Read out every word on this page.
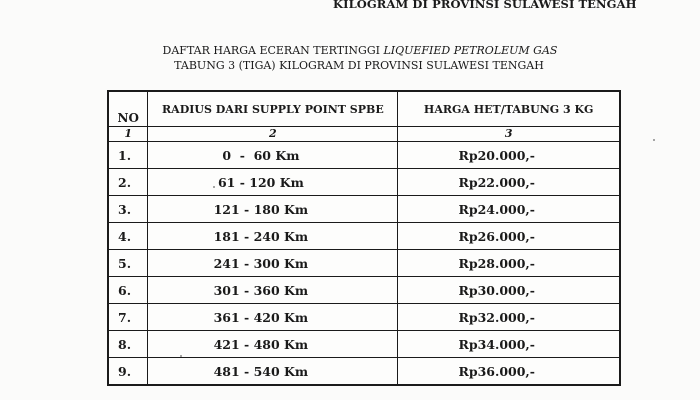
KILOGRAM DI PROVINSI SULAWESI TENGAH
DAFTAR HARGA ECERAN TERTINGGI LIQUEFIED PETROLEUM GAS
TABUNG 3 (TIGA) KILOGRAM DI PROVINSI SULAWESI TENGAH
NO	RADIUS DARI SUPPLY POINT SPBE	HARGA HET/TABUNG 3 KG
1	2	3
1.	0  -  60 Km	Rp20.000,-
2.	61 - 120 Km	Rp22.000,-
3.	121 - 180 Km	Rp24.000,-
4.	181 - 240 Km	Rp26.000,-
5.	241 - 300 Km	Rp28.000,-
6.	301 - 360 Km	Rp30.000,-
7.	361 - 420 Km	Rp32.000,-
8.	421 - 480 Km	Rp34.000,-
9.	481 - 540 Km	Rp36.000,-
